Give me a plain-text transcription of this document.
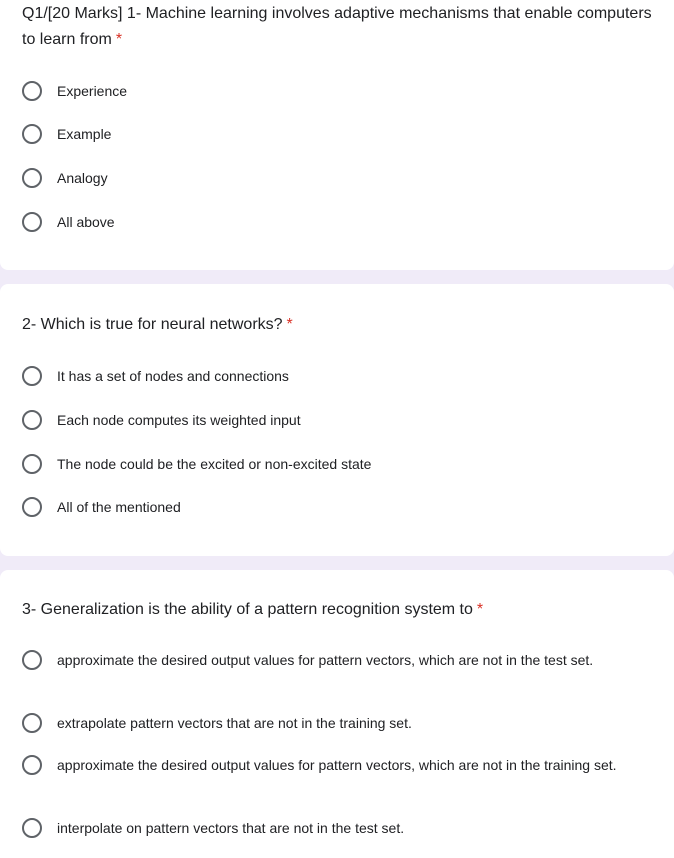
Q1/[20 Marks] 1- Machine learning involves adaptive mechanisms that enable computers to learn from *
Experience
Example
Analogy
All above
2- Which is true for neural networks? *
It has a set of nodes and connections
Each node computes its weighted input
The node could be the excited or non-excited state
All of the mentioned
3- Generalization is the ability of a pattern recognition system to *
approximate the desired output values for pattern vectors, which are not in the test set.
extrapolate pattern vectors that are not in the training set.
approximate the desired output values for pattern vectors, which are not in the training set.
interpolate on pattern vectors that are not in the test set.
